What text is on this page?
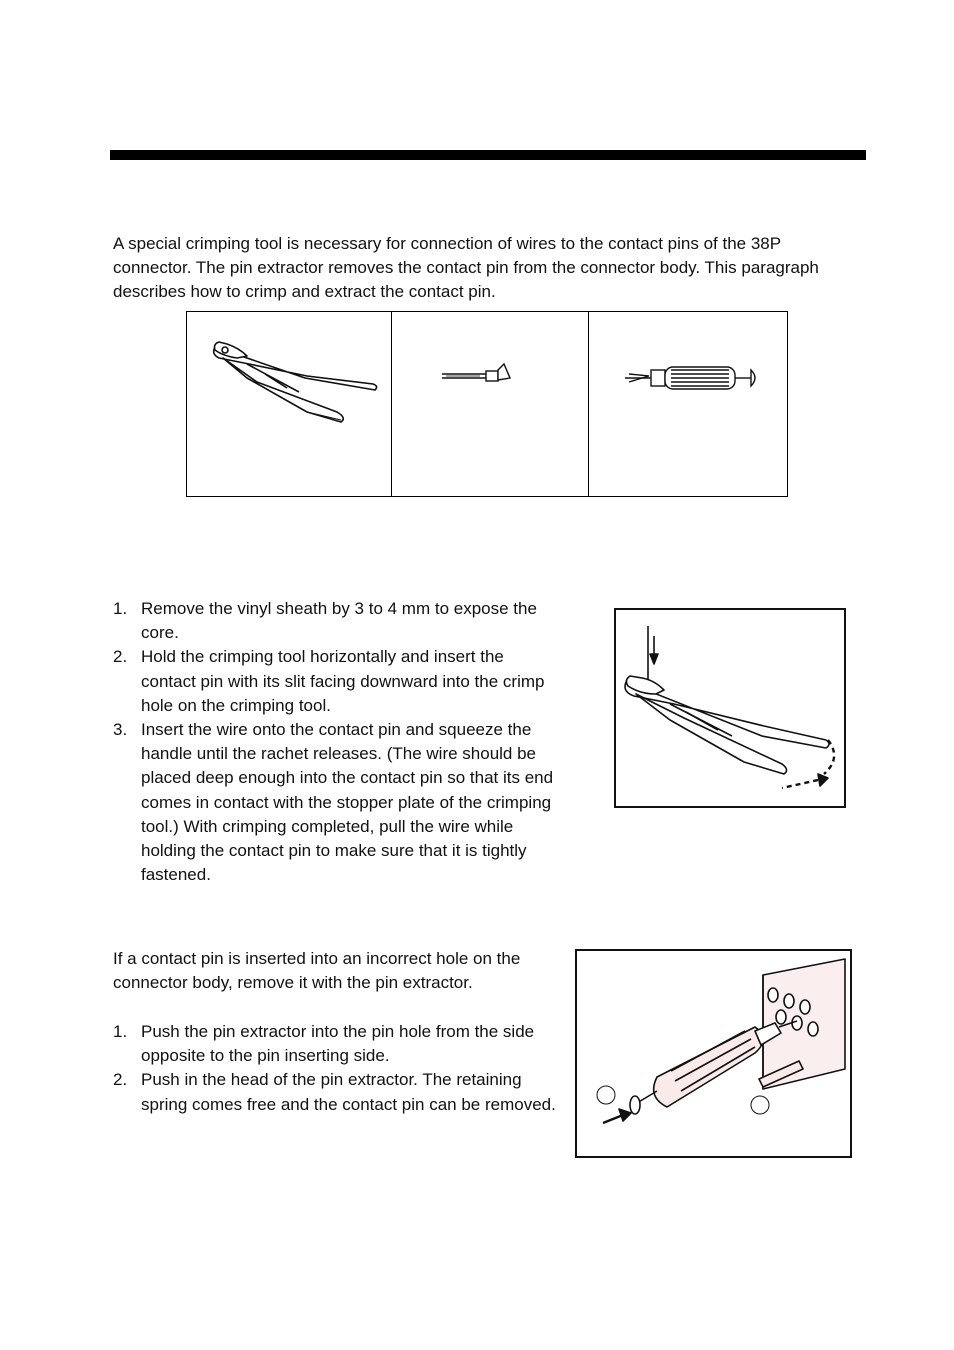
A special crimping tool is necessary for connection of wires to the contact pins of the 38P connector. The pin extractor removes the contact pin from the connector body. This paragraph describes how to crimp and extract the contact pin.

1. Remove the vinyl sheath by 3 to 4 mm to expose the core.
2. Hold the crimping tool horizontally and insert the contact pin with its slit facing downward into the crimp hole on the crimping tool.
3. Insert the wire onto the contact pin and squeeze the handle until the rachet releases. (The wire should be placed deep enough into the contact pin so that its end comes in contact with the stopper plate of the crimping tool.) With crimping completed, pull the wire while holding the contact pin to make sure that it is tightly fastened.

If a contact pin is inserted into an incorrect hole on the connector body, remove it with the pin extractor.

1. Push the pin extractor into the pin hole from the side opposite to the pin inserting side.
2. Push in the head of the pin extractor. The retaining spring comes free and the contact pin can be removed.
